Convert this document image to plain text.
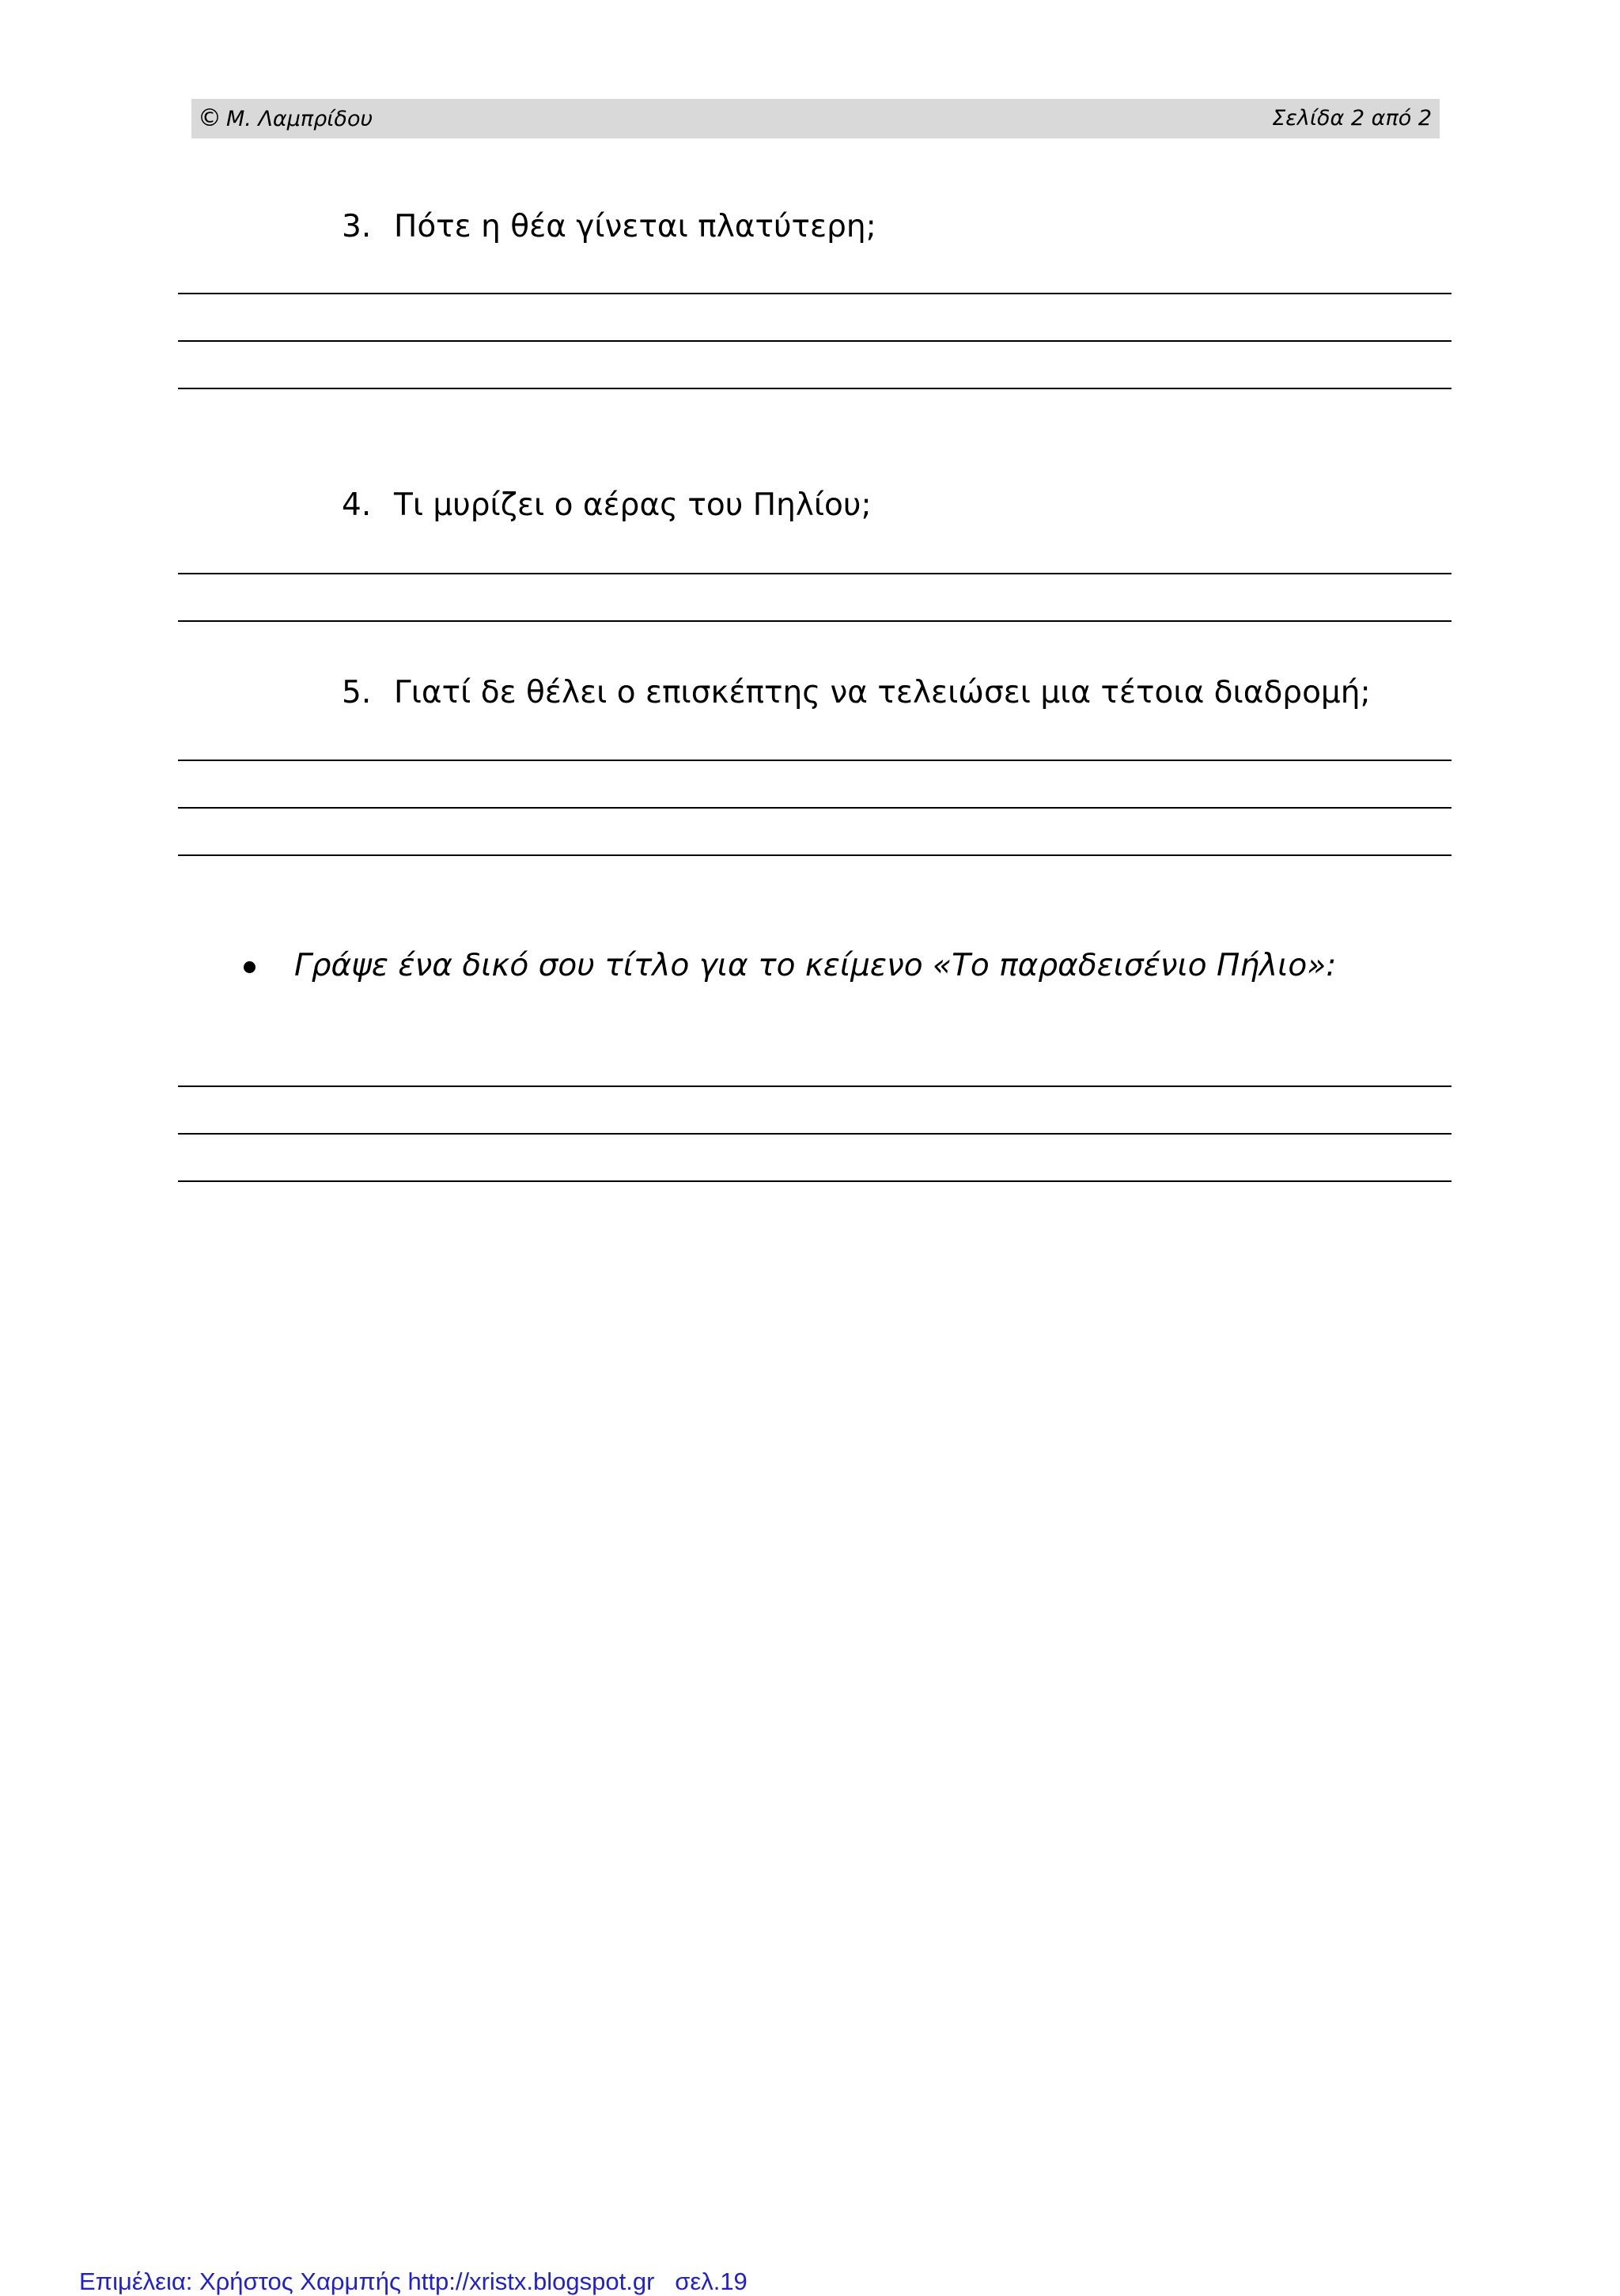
© Μ. Λαμπρίδου	Σελίδα 2 από 2
3. Πότε η θέα γίνεται πλατύτερη;
4. Τι μυρίζει ο αέρας του Πηλίου;
5. Γιατί δε θέλει ο επισκέπτης να τελειώσει μια τέτοια διαδρομή;
Γράψε ένα δικό σου τίτλο για το κείμενο «Το παραδεισένιο Πήλιο»:
Επιμέλεια: Χρήστος Χαρμπής http://xristx.blogspot.gr   σελ.19
